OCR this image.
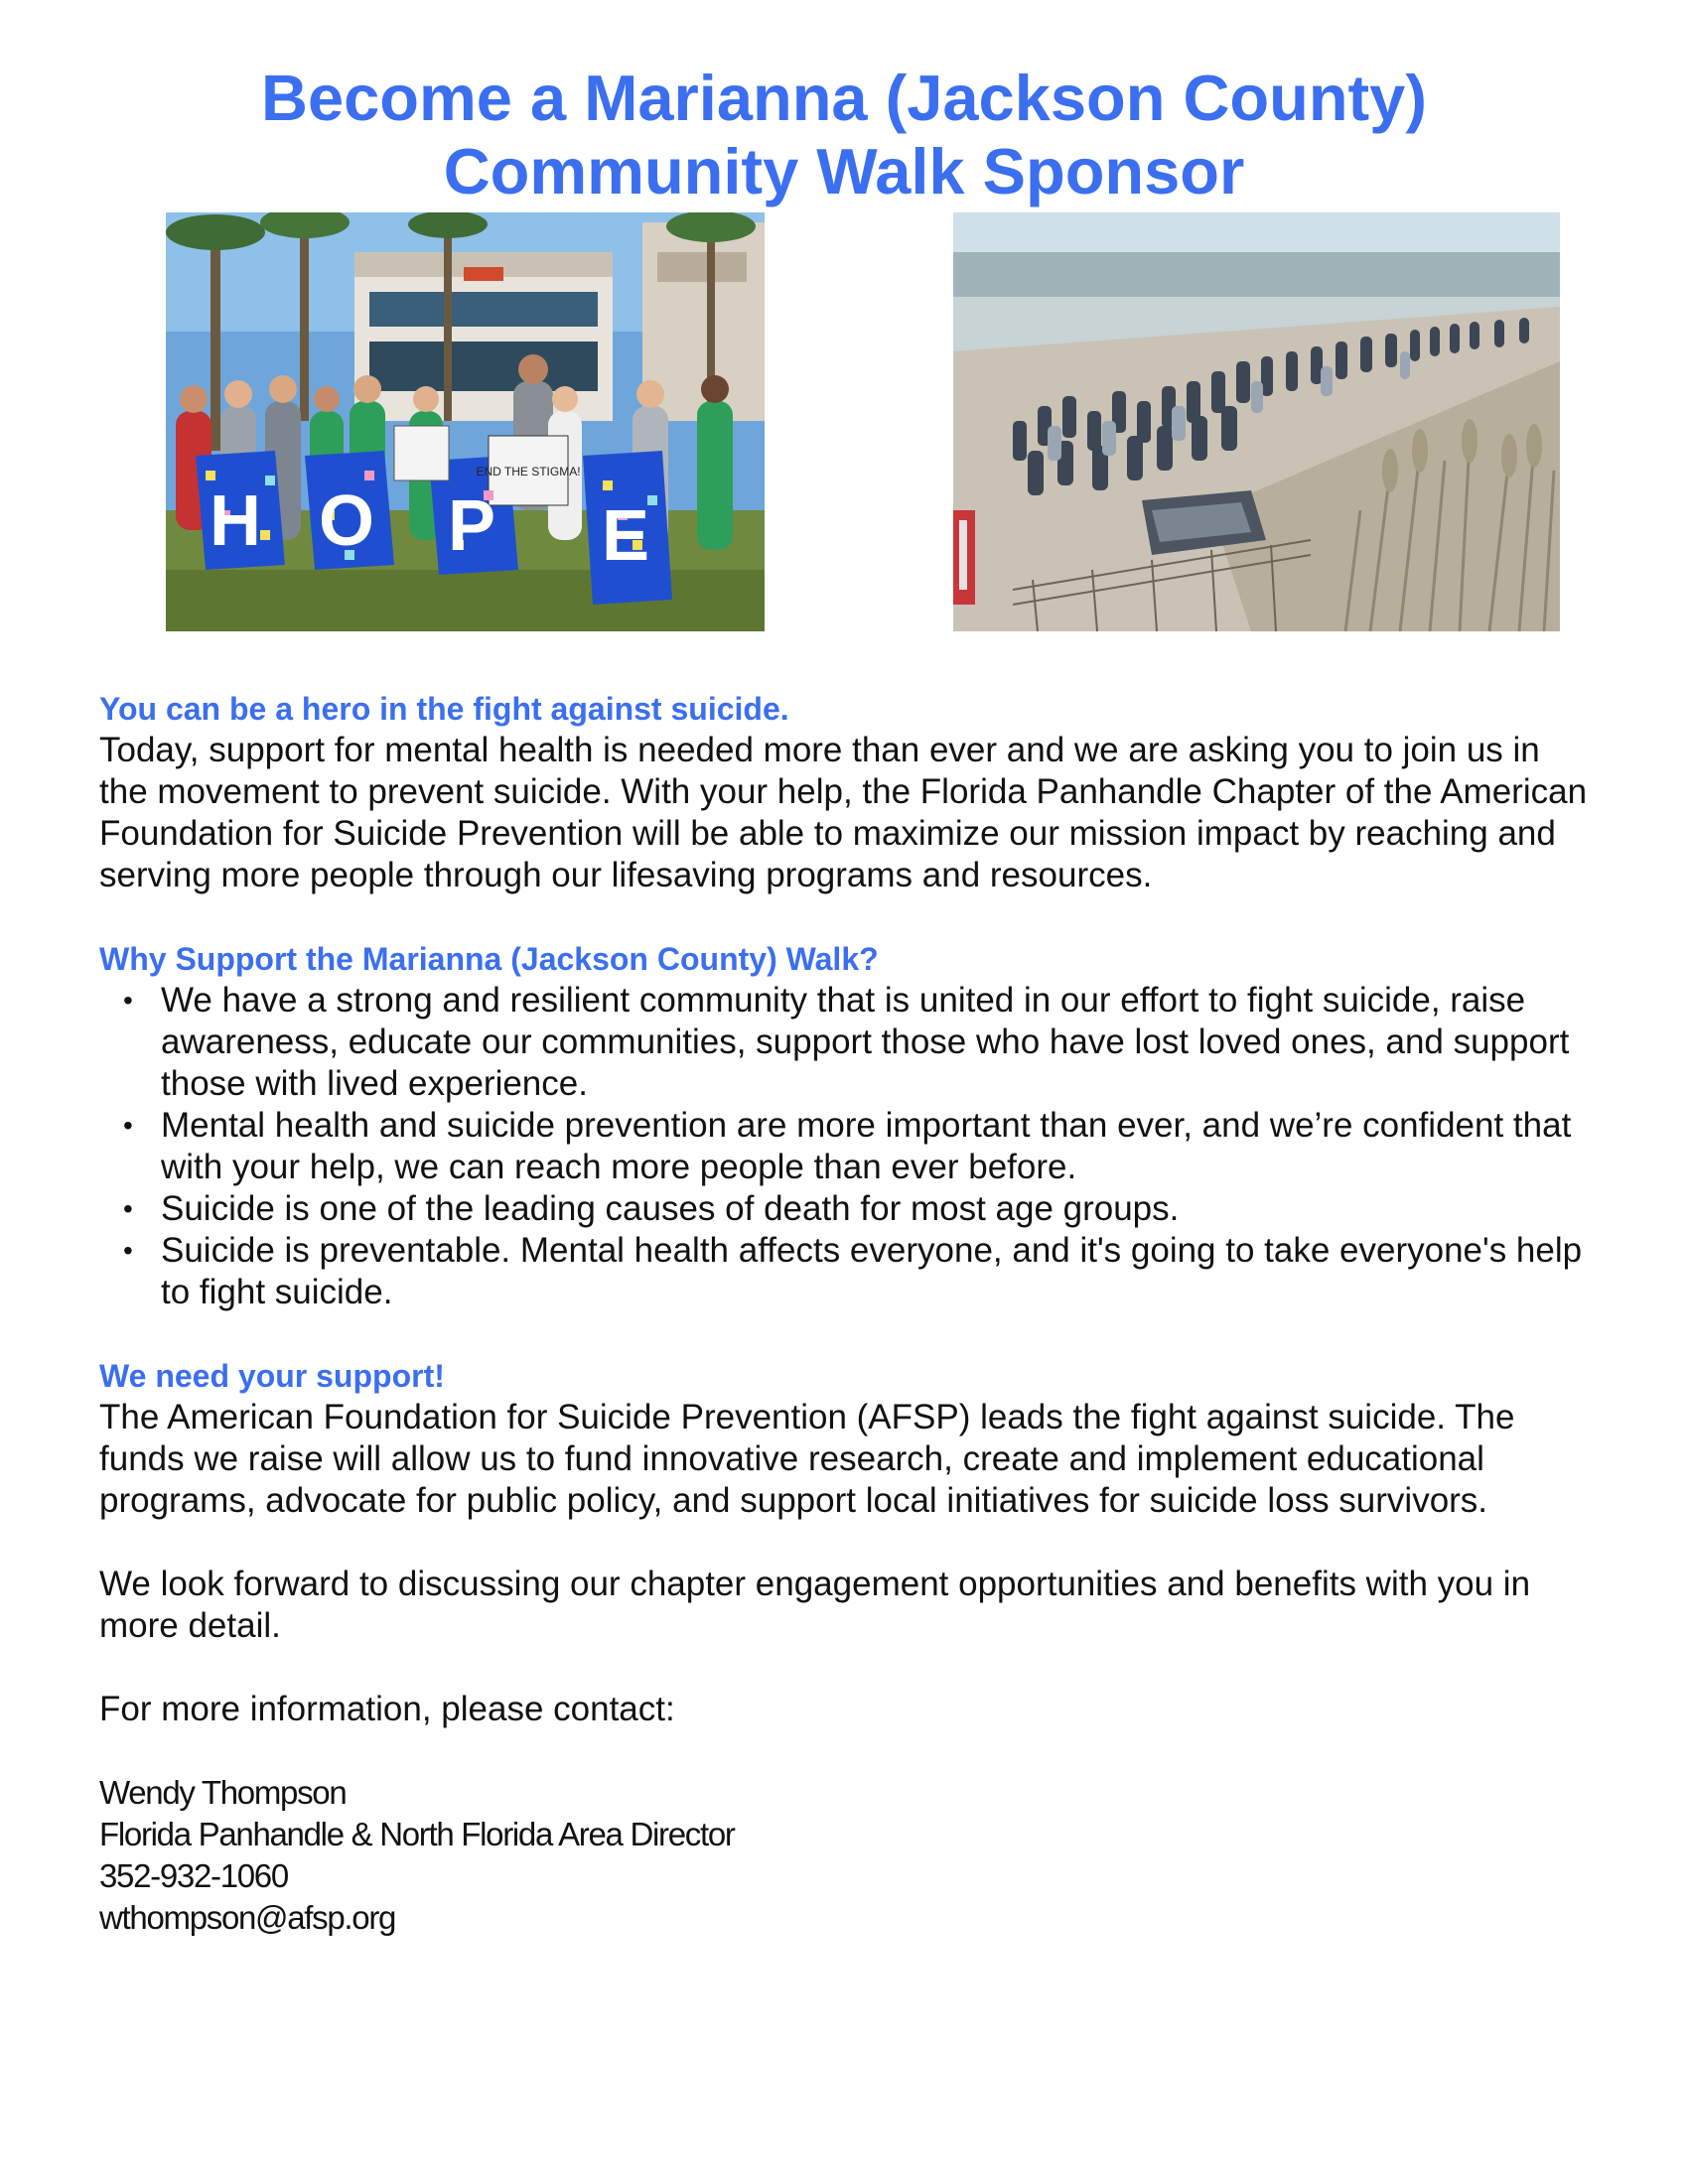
Become a Marianna (Jackson County)
Community Walk Sponsor
H O P E
END THE STIGMA!
You can be a hero in the fight against suicide.

Today, support for mental health is needed more than ever and we are asking you to join us in the movement to prevent suicide. With your help, the Florida Panhandle Chapter of the American Foundation for Suicide Prevention will be able to maximize our mission impact by reaching and serving more people through our lifesaving programs and resources.

Why Support the Marianna (Jackson County) Walk?
• We have a strong and resilient community that is united in our effort to fight suicide, raise awareness, educate our communities, support those who have lost loved ones, and support those with lived experience.
• Mental health and suicide prevention are more important than ever, and we’re confident that with your help, we can reach more people than ever before.
• Suicide is one of the leading causes of death for most age groups.
• Suicide is preventable. Mental health affects everyone, and it's going to take everyone's help to fight suicide.
We need your support!

The American Foundation for Suicide Prevention (AFSP) leads the fight against suicide. The funds we raise will allow us to fund innovative research, create and implement educational programs, advocate for public policy, and support local initiatives for suicide loss survivors.

We look forward to discussing our chapter engagement opportunities and benefits with you in more detail.

For more information, please contact:

Wendy Thompson
Florida Panhandle & North Florida Area Director
352-932-1060
wthompson@afsp.org
